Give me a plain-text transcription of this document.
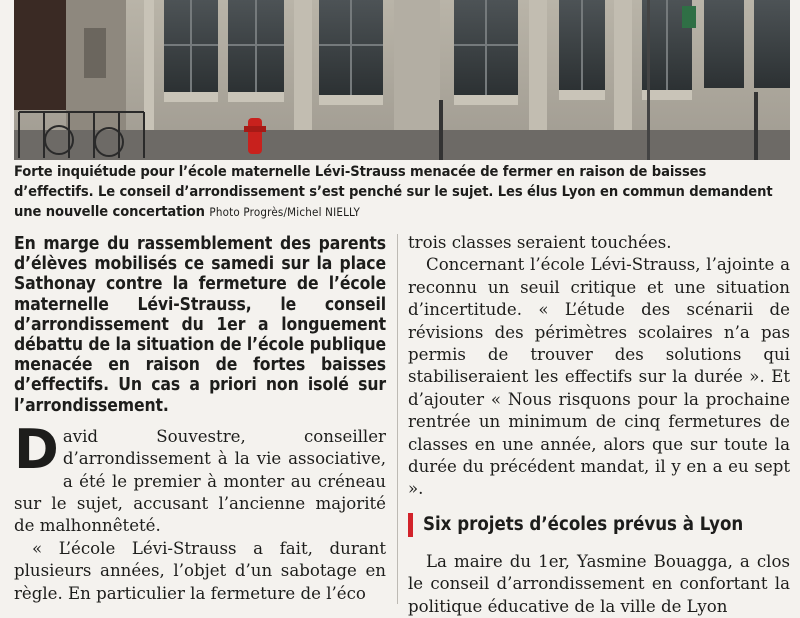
Forte inquiétude pour l’école maternelle Lévi-Strauss menacée de fermer en raison de baisses d’effectifs. Le conseil d’arrondissement s’est penché sur le sujet. Les élus Lyon en commun demandent une nouvelle concertation Photo Progrès/Michel NIELLY

En marge du rassemblement des parents d’élèves mobilisés ce samedi sur la place Sathonay contre la fermeture de l’école maternelle Lévi-Strauss, le conseil d’arrondissement du 1er a longuement débattu de la situation de l’école publique menacée en raison de fortes baisses d’effectifs. Un cas a priori non isolé sur l’arrondissement.

David Souvestre, conseiller d’arrondissement à la vie associative, a été le premier à monter au créneau sur le sujet, accusant l’ancienne majorité de malhonnêteté.

« L’école Lévi-Strauss a fait, durant plusieurs années, l’objet d’un sabotage en règle. En particulier la fermeture de l’éco

trois classes seraient touchées.

Concernant l’école Lévi-Strauss, l’ajointe a reconnu un seuil critique et une situation d’incertitude. « L’étude des scénarii de révisions des périmètres scolaires n’a pas permis de trouver des solutions qui stabiliseraient les effectifs sur la durée ». Et d’ajouter « Nous risquons pour la prochaine rentrée un minimum de cinq fermetures de classes en une année, alors que sur toute la durée du précédent mandat, il y en a eu sept ».

Six projets d’écoles prévus à Lyon

La maire du 1er, Yasmine Bouagga, a clos le conseil d’arrondissement en confortant la politique éducative de la ville de Lyon
